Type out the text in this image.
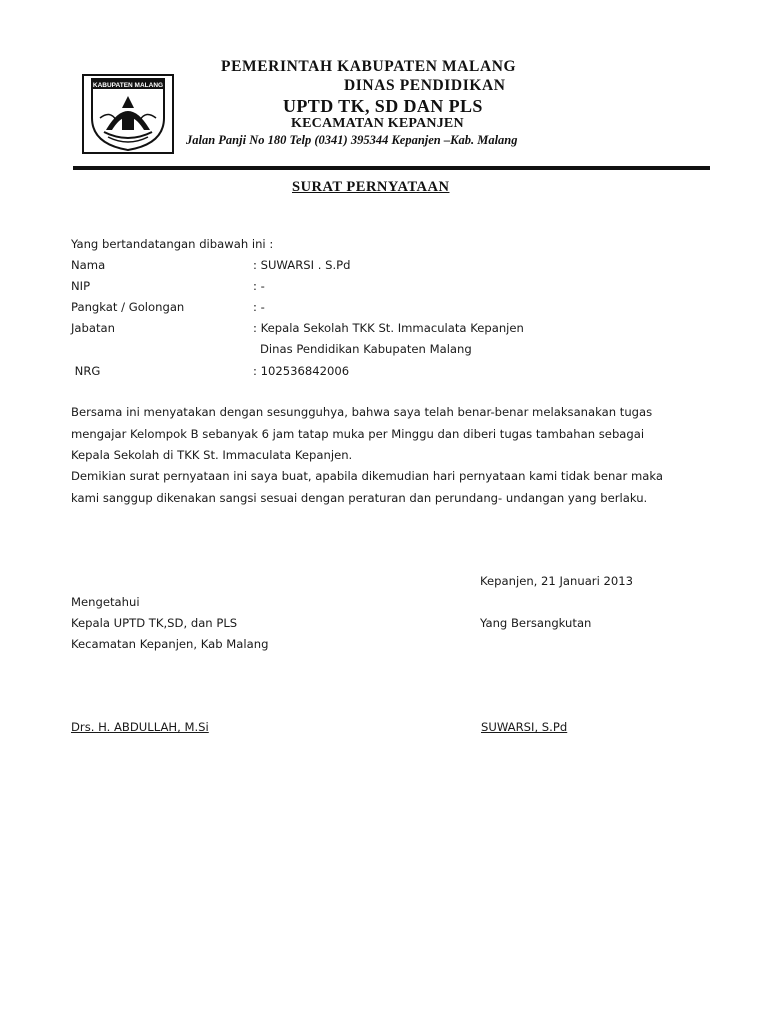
KABUPATEN MALANG
PEMERINTAH KABUPATEN MALANG
DINAS PENDIDIKAN
UPTD TK, SD DAN PLS
KECAMATAN KEPANJEN
Jalan Panji No 180 Telp (0341) 395344 Kepanjen –Kab. Malang
SURAT PERNYATAAN
Yang bertandatangan dibawah ini :
Nama	: SUWARSI . S.Pd
NIP	: -
Pangkat / Golongan	: -
Jabatan	: Kepala Sekolah TKK St. Immaculata Kepanjen
Dinas Pendidikan Kabupaten Malang
NRG	: 102536842006
Bersama ini menyatakan dengan sesungguhya, bahwa saya telah benar-benar melaksanakan tugas
mengajar Kelompok B sebanyak 6 jam tatap muka per Minggu dan diberi tugas tambahan sebagai
Kepala Sekolah di TKK St. Immaculata Kepanjen.
Demikian surat pernyataan ini saya buat, apabila dikemudian hari pernyataan kami tidak benar maka
kami sanggup dikenakan sangsi sesuai dengan peraturan dan perundang- undangan yang berlaku.
Kepanjen, 21 Januari 2013
Mengetahui
Kepala UPTD TK,SD, dan PLS
Kecamatan Kepanjen, Kab Malang
Yang Bersangkutan
Drs. H. ABDULLAH, M.Si	SUWARSI, S.Pd
